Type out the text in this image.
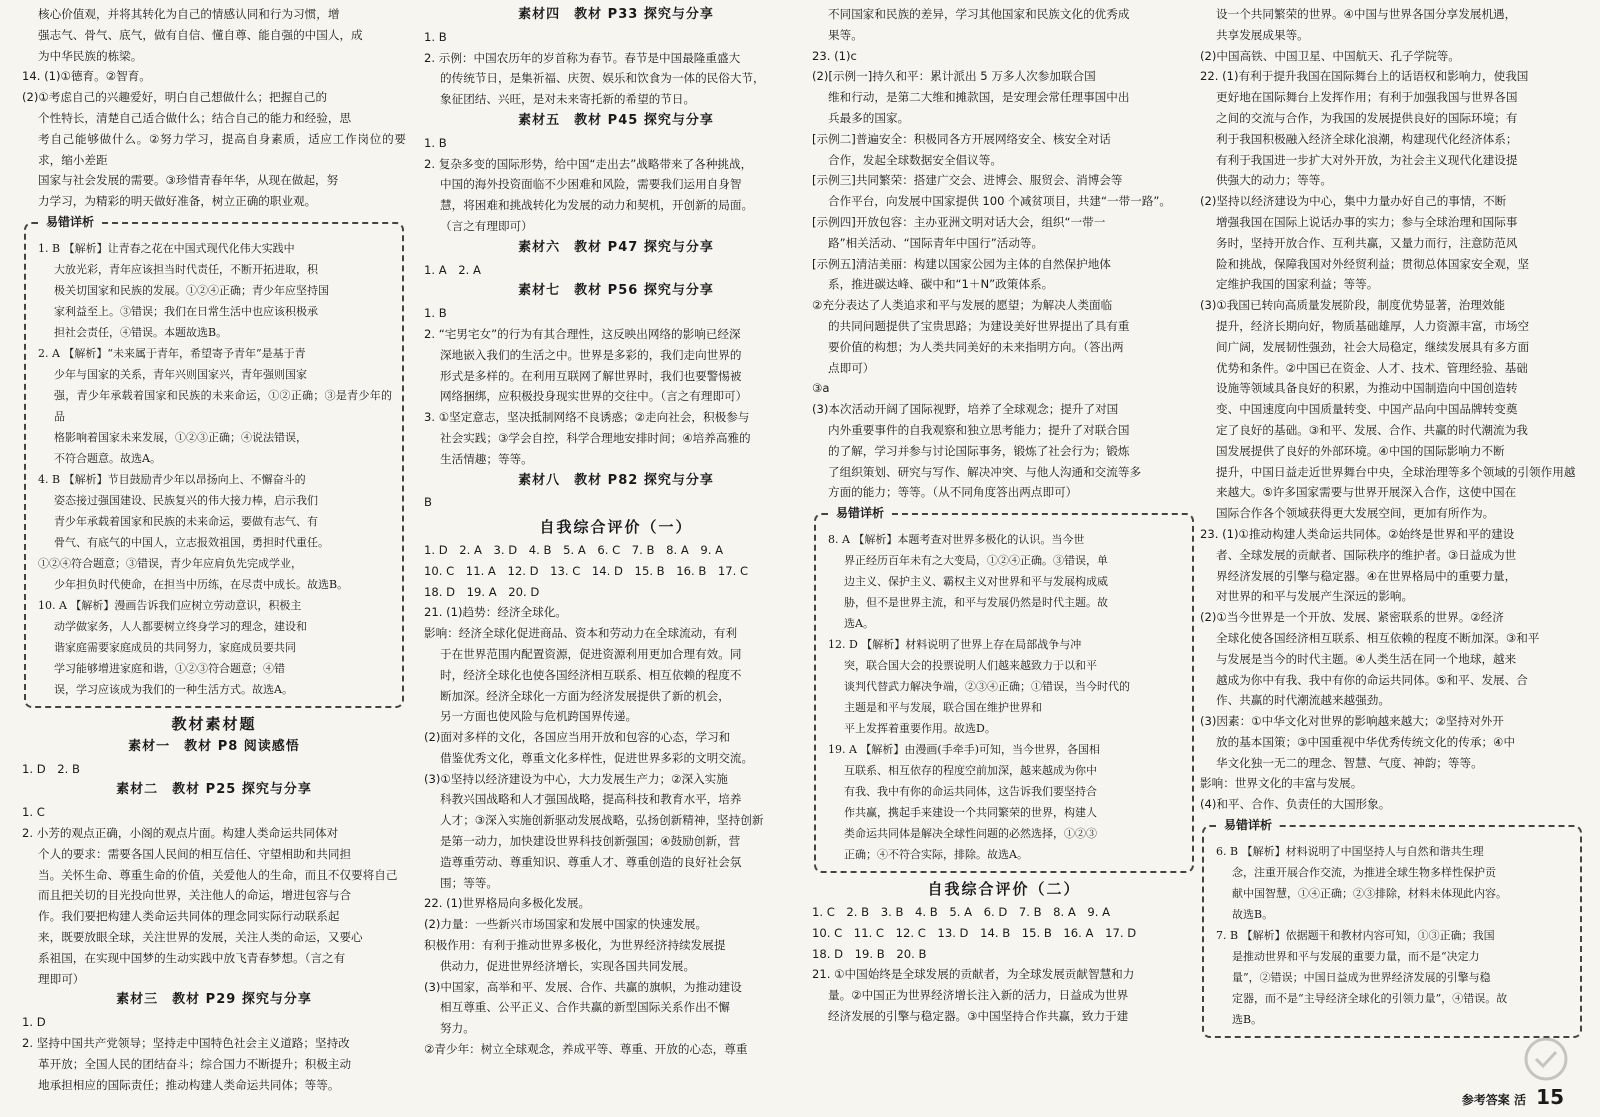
核心价值观，并将其转化为自己的情感认同和行为习惯，增

强志气、骨气、底气，做有自信、懂自尊、能自强的中国人，成

为中华民族的栋梁。

14. (1)①德育。②智育。

(2)①考虑自己的兴趣爱好，明白自己想做什么；把握自己的

个性特长，清楚自己适合做什么；结合自己的能力和经验，思

考自己能够做什么。②努力学习，提高自身素质，适应工作岗位的要求，缩小差距

国家与社会发展的需要。③珍惜青春年华，从现在做起，努

力学习，为精彩的明天做好准备，树立正确的职业观。

易错详析

1. B 【解析】让青春之花在中国式现代化伟大实践中

大放光彩，青年应该担当时代责任，不断开拓进取，积

极关切国家和民族的发展。①②④正确；青少年应坚持国

家利益至上。③错误；我们在日常生活中也应该积极承

担社会责任，④错误。本题故选B。

2. A 【解析】“未来属于青年，希望寄予青年”是基于青

少年与国家的关系，青年兴则国家兴，青年强则国家

强，青少年承载着国家和民族的未来命运，①②正确；③是青少年的品

格影响着国家未来发展，①②③正确；④说法错误，

不符合题意。故选A。

4. B 【解析】节目鼓励青少年以昂扬向上、不懈奋斗的

姿态接过强国建设、民族复兴的伟大接力棒，启示我们

青少年承载着国家和民族的未来命运，要做有志气、有

骨气、有底气的中国人，立志报效祖国，勇担时代重任。

①②④符合题意；③错误，青少年应肩负先完成学业，

少年担负时代使命，在担当中历练，在尽责中成长。故选B。

10. A 【解析】漫画告诉我们应树立劳动意识，积极主

动学做家务，人人都要树立终身学习的理念，建设和

谐家庭需要家庭成员的共同努力，家庭成员要共同

学习能够增进家庭和谐，①②③符合题意；④错

误，学习应该成为我们的一种生活方式。故选A。

教材素材题
素材一　教材 P8 阅读感悟

1. D　2. B

素材二　教材 P25 探究与分享

1. C

2. 小芳的观点正确，小阁的观点片面。构建人类命运共同体对

个人的要求：需要各国人民间的相互信任、守望相助和共同担

当。关怀生命、尊重生命的价值，关爱他人的生命，而且不仅要将自己

而且把关切的目光投向世界，关注他人的命运，增进包容与合

作。我们要把构建人类命运共同体的理念同实际行动联系起

来，既要放眼全球，关注世界的发展，关注人类的命运，又要心

系祖国，在实现中国梦的生动实践中放飞青春梦想。（言之有

理即可）

素材三　教材 P29 探究与分享

1. D

2. 坚持中国共产党领导；坚持走中国特色社会主义道路；坚持改

革开放；全国人民的团结奋斗；综合国力不断提升；积极主动

地承担相应的国际责任；推动构建人类命运共同体；等等。

素材四　教材 P33 探究与分享

1. B

2. 示例：中国农历年的岁首称为春节。春节是中国最隆重盛大

的传统节日，是集祈福、庆贺、娱乐和饮食为一体的民俗大节，

象征团结、兴旺，是对未来寄托新的希望的节日。

素材五　教材 P45 探究与分享

1. B

2. 复杂多变的国际形势，给中国“走出去”战略带来了各种挑战，

中国的海外投资面临不少困难和风险，需要我们运用自身智

慧，将困难和挑战转化为发展的动力和契机，开创新的局面。

（言之有理即可）

素材六　教材 P47 探究与分享

1. A　2. A

素材七　教材 P56 探究与分享

1. B

2. “宅男宅女”的行为有其合理性，这反映出网络的影响已经深

深地嵌入我们的生活之中。世界是多彩的，我们走向世界的

形式是多样的。在利用互联网了解世界时，我们也要警惕被

网络捆绑，应积极投身现实世界的交往中。（言之有理即可）

3. ①坚定意志，坚决抵制网络不良诱惑；②走向社会，积极参与

社会实践；③学会自控，科学合理地安排时间；④培养高雅的

生活情趣；等等。

素材八　教材 P82 探究与分享

B

自我综合评价（一）

1. D　2. A　3. D　4. B　5. A　6. C　7. B　8. A　9. A

10. C　11. A　12. D　13. C　14. D　15. B　16. B　17. C

18. D　19. A　20. D

21. (1)趋势：经济全球化。

影响：经济全球化促进商品、资本和劳动力在全球流动，有利

于在世界范围内配置资源，促进资源利用更加合理有效。同

时，经济全球化也使各国经济相互联系、相互依赖的程度不

断加深。经济全球化一方面为经济发展提供了新的机会，

另一方面也使风险与危机跨国界传递。

(2)面对多样的文化，各国应当用开放和包容的心态，学习和

借鉴优秀文化，尊重文化多样性，促进世界多彩的文明交流。

(3)①坚持以经济建设为中心，大力发展生产力；②深入实施

科教兴国战略和人才强国战略，提高科技和教育水平，培养

人才；③深入实施创新驱动发展战略，弘扬创新精神，坚持创新

是第一动力，加快建设世界科技创新强国；④鼓励创新，营

造尊重劳动、尊重知识、尊重人才、尊重创造的良好社会氛

围；等等。

22. (1)世界格局向多极化发展。

(2)力量：一些新兴市场国家和发展中国家的快速发展。

积极作用：有利于推动世界多极化，为世界经济持续发展提

供动力，促进世界经济增长，实现各国共同发展。

(3)中国家，高举和平、发展、合作、共赢的旗帜，为推动建设

相互尊重、公平正义、合作共赢的新型国际关系作出不懈

努力。

②青少年：树立全球观念，养成平等、尊重、开放的心态，尊重

不同国家和民族的差异，学习其他国家和民族文化的优秀成

果等。

23. (1)c

(2)[示例一]持久和平：累计派出 5 万多人次参加联合国

维和行动，是第二大维和摊款国，是安理会常任理事国中出

兵最多的国家。

[示例二]普遍安全：积极同各方开展网络安全、核安全对话

合作，发起全球数据安全倡议等。

[示例三]共同繁荣：搭建广交会、进博会、服贸会、消博会等

合作平台，向发展中国家提供 100 个减贫项目，共建“一带一路”。

[示例四]开放包容：主办亚洲文明对话大会，组织“一带一

路”相关活动、“国际青年中国行”活动等。

[示例五]清洁美丽：构建以国家公园为主体的自然保护地体

系，推进碳达峰、碳中和“1＋N”政策体系。

②充分表达了人类追求和平与发展的愿望；为解决人类面临

的共同问题提供了宝贵思路；为建设美好世界提出了具有重

要价值的构想；为人类共同美好的未来指明方向。（答出两

点即可）

③a

(3)本次活动开阔了国际视野，培养了全球观念；提升了对国

内外重要事件的自我观察和独立思考能力；提升了对联合国

的了解，学习并参与讨论国际事务，锻炼了社会行为；锻炼

了组织策划、研究与写作、解决冲突、与他人沟通和交流等多

方面的能力；等等。（从不同角度答出两点即可）

易错详析

8. A 【解析】本题考查对世界多极化的认识。当今世

界正经历百年未有之大变局，①②④正确。③错误，单

边主义、保护主义、霸权主义对世界和平与发展构成威

胁，但不是世界主流，和平与发展仍然是时代主题。故

选A。

12. D 【解析】材料说明了世界上存在局部战争与冲

突，联合国大会的投票说明人们越来越致力于以和平

谈判代替武力解决争端，②③④正确；①错误，当今时代的

主题是和平与发展，联合国在维护世界和

平上发挥着重要作用。故选D。

19. A 【解析】由漫画(手牵手)可知，当今世界，各国相

互联系、相互依存的程度空前加深，越来越成为你中

有我、我中有你的命运共同体，这告诉我们要坚持合

作共赢，携起手来建设一个共同繁荣的世界，构建人

类命运共同体是解决全球性问题的必然选择，①②③

正确；④不符合实际，排除。故选A。

自我综合评价（二）

1. C　2. B　3. B　4. B　5. A　6. D　7. B　8. A　9. A

10. C　11. C　12. C　13. D　14. B　15. B　16. A　17. D

18. D　19. B　20. B

21. ①中国始终是全球发展的贡献者，为全球发展贡献智慧和力

量。②中国正为世界经济增长注入新的活力，日益成为世界

经济发展的引擎与稳定器。③中国坚持合作共赢，致力于建

设一个共同繁荣的世界。④中国与世界各国分享发展机遇，

共享发展成果等。

(2)中国高铁、中国卫星、中国航天、孔子学院等。

22. (1)有利于提升我国在国际舞台上的话语权和影响力，使我国

更好地在国际舞台上发挥作用；有利于加强我国与世界各国

之间的交流与合作，为我国的发展提供良好的国际环境；有

利于我国积极融入经济全球化浪潮，构建现代化经济体系；

有利于我国进一步扩大对外开放，为社会主义现代化建设提

供强大的动力；等等。

(2)坚持以经济建设为中心，集中力量办好自己的事情，不断

增强我国在国际上说话办事的实力；参与全球治理和国际事

务时，坚持开放合作、互利共赢，又量力而行，注意防范风

险和挑战，保障我国对外经贸利益；贯彻总体国家安全观，坚

定维护我国的国家利益；等等。

(3)①我国已转向高质量发展阶段，制度优势显著，治理效能

提升，经济长期向好，物质基础雄厚，人力资源丰富，市场空

间广阔，发展韧性强劲，社会大局稳定，继续发展具有多方面

优势和条件。②中国已在资金、人才、技术、管理经验、基础

设施等领域具备良好的积累，为推动中国制造向中国创造转

变、中国速度向中国质量转变、中国产品向中国品牌转变奠

定了良好的基础。③和平、发展、合作、共赢的时代潮流为我

国发展提供了良好的外部环境。④中国的国际影响力不断

提升，中国日益走近世界舞台中央，全球治理等多个领域的引领作用越

来越大。⑤许多国家需要与世界开展深入合作，这使中国在

国际合作各个领域获得更大发展空间，更加有所作为。

23. (1)①推动构建人类命运共同体。②始终是世界和平的建设

者、全球发展的贡献者、国际秩序的维护者。③日益成为世

界经济发展的引擎与稳定器。④在世界格局中的重要力量，

对世界的和平与发展产生深远的影响。

(2)①当今世界是一个开放、发展、紧密联系的世界。②经济

全球化使各国经济相互联系、相互依赖的程度不断加深。③和平

与发展是当今的时代主题。④人类生活在同一个地球，越来

越成为你中有我、我中有你的命运共同体。⑤和平、发展、合

作、共赢的时代潮流越来越强劲。

(3)因素：①中华文化对世界的影响越来越大；②坚持对外开

放的基本国策；③中国重视中华优秀传统文化的传承；④中

华文化独一无二的理念、智慧、气度、神韵；等等。

影响：世界文化的丰富与发展。

(4)和平、合作、负责任的大国形象。

易错详析

6. B 【解析】材料说明了中国坚持人与自然和谐共生理

念，注重开展合作交流，为推进全球生物多样性保护贡

献中国智慧，①④正确；②③排除，材料未体现此内容。

故选B。

7. B 【解析】依据题干和教材内容可知，①③正确；我国

是推动世界和平与发展的重要力量，而不是“决定力

量”，②错误；中国日益成为世界经济发展的引擎与稳

定器，而不是“主导经济全球化的引领力量”，④错误。故

选B。

参考答案 活 15
